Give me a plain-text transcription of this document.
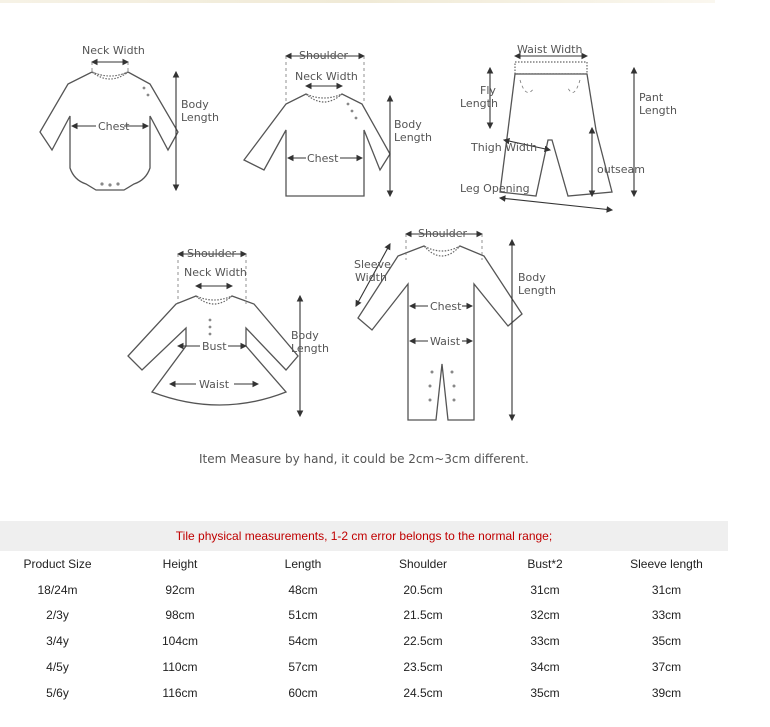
Neck Width
Chest
Body
Length
Shoulder
Neck Width
Chest
Body
Length
Waist Width
Fly
Length	Pant
Length
Thigh Width
outseam
Leg Opening
Shoulder
Neck Width
Bust
Waist
Body
Length
Shoulder
Sleeve
Width
Chest
Waist
Body
Length
Item Measure by hand, it could be 2cm~3cm different.
Tile physical measurements, 1-2 cm error belongs to the normal range;
Product Size	Height	Length	Shoulder	Bust*2	Sleeve length
18/24m	92cm	48cm	20.5cm	31cm	31cm
2/3y	98cm	51cm	21.5cm	32cm	33cm
3/4y	104cm	54cm	22.5cm	33cm	35cm
4/5y	110cm	57cm	23.5cm	34cm	37cm
5/6y	116cm	60cm	24.5cm	35cm	39cm
